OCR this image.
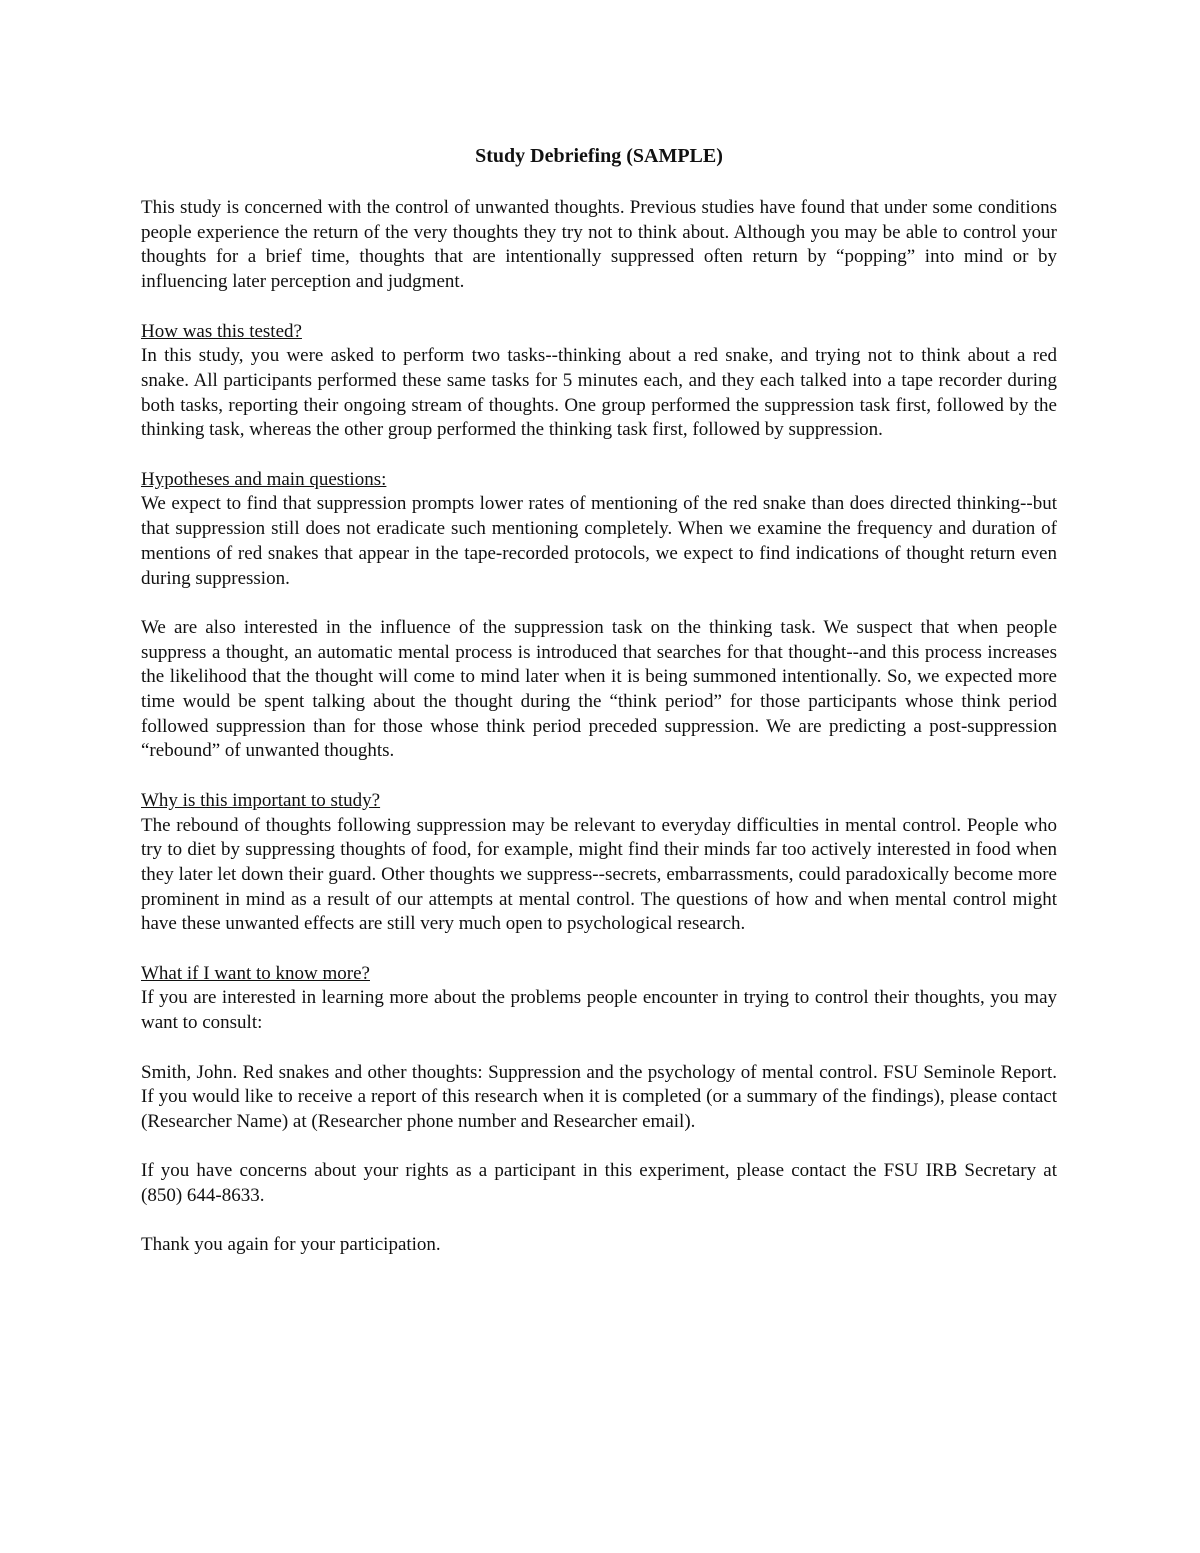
Study Debriefing (SAMPLE)
This study is concerned with the control of unwanted thoughts. Previous studies have found that under some conditions people experience the return of the very thoughts they try not to think about. Although you may be able to control your thoughts for a brief time, thoughts that are intentionally suppressed often return by “popping” into mind or by influencing later perception and judgment.
How was this tested?
In this study, you were asked to perform two tasks--thinking about a red snake, and trying not to think about a red snake. All participants performed these same tasks for 5 minutes each, and they each talked into a tape recorder during both tasks, reporting their ongoing stream of thoughts. One group performed the suppression task first, followed by the thinking task, whereas the other group performed the thinking task first, followed by suppression.
Hypotheses and main questions:
We expect to find that suppression prompts lower rates of mentioning of the red snake than does directed thinking--but that suppression still does not eradicate such mentioning completely. When we examine the frequency and duration of mentions of red snakes that appear in the tape-recorded protocols, we expect to find indications of thought return even during suppression.
We are also interested in the influence of the suppression task on the thinking task. We suspect that when people suppress a thought, an automatic mental process is introduced that searches for that thought--and this process increases the likelihood that the thought will come to mind later when it is being summoned intentionally. So, we expected more time would be spent talking about the thought during the “think period” for those participants whose think period followed suppression than for those whose think period preceded suppression. We are predicting a post-suppression “rebound” of unwanted thoughts.
Why is this important to study?
The rebound of thoughts following suppression may be relevant to everyday difficulties in mental control. People who try to diet by suppressing thoughts of food, for example, might find their minds far too actively interested in food when they later let down their guard. Other thoughts we suppress--secrets, embarrassments, could paradoxically become more prominent in mind as a result of our attempts at mental control. The questions of how and when mental control might have these unwanted effects are still very much open to psychological research.
What if I want to know more?
If you are interested in learning more about the problems people encounter in trying to control their thoughts, you may want to consult:
Smith, John. Red snakes and other thoughts: Suppression and the psychology of mental control. FSU Seminole Report. If you would like to receive a report of this research when it is completed (or a summary of the findings), please contact (Researcher Name) at (Researcher phone number and Researcher email).
If you have concerns about your rights as a participant in this experiment, please contact the FSU IRB Secretary at (850) 644-8633.
Thank you again for your participation.
